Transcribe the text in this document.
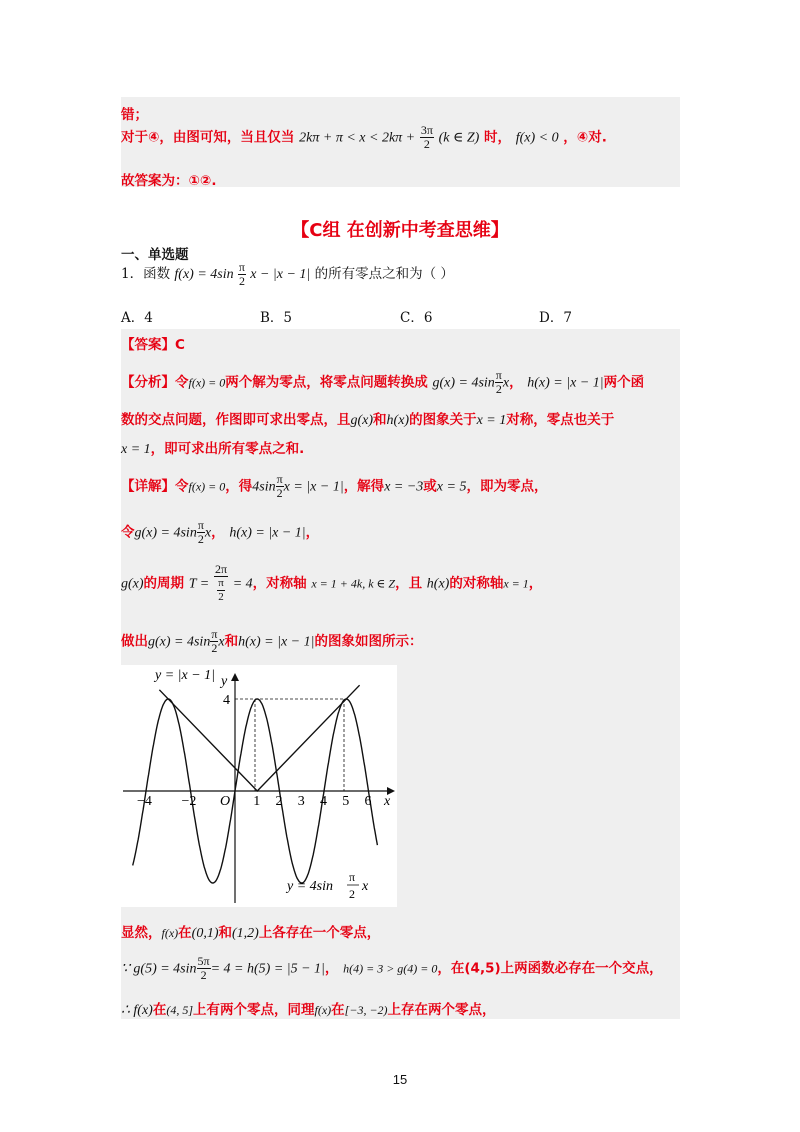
错；
对于④，由图可知，当且仅当 $2k\pi + \pi < x < 2k\pi + \frac{3\pi}{2} (k$ ∈ Z) 时， f(x) < 0 ，④对.
故答案为：①②.
【C组 在创新中考查思维】
一、单选题
1．函数 $f(x) = 4\sin \frac{\pi}{2}$ x − |x − 1| 的所有零点之和为（ ）
A．4	B．5	C．6	D．7
【答案】C
【分析】令f(x) = 0两个解为零点，将零点问题转换成 $g(x) = 4\sin \frac{\pi}{2}$ x， h(x) = |x − 1|两个函
数的交点问题，作图即可求出零点，且g(x)和h(x)的图象关于x = 1对称，零点也关于
x = 1，即可求出所有零点之和.
【详解】令f(x) = 0，得$4\sin \frac{\pi}{2}$ x = |x − 1|，解得x = −3或x = 5，即为零点，
令$g(x) = 4\sin \frac{\pi}{2}$ x， h(x) = |x − 1|，
g(x)的周期 $T = \frac{2\pi}{\frac{\pi}{2}} = 4$，对称轴 x = 1 + 4k, k ∈ Z，且 h(x)的对称轴x = 1，
做出$g(x) = 4\sin \frac{\pi}{2}$ x和h(x) = |x − 1|的图象如图所示：
y = |x − 1| y
x
4
O
−4 −2	1 2 3 4 5 6
y = 4sin
π
2 x
显然，f(x)在(0,1)和(1,2)上各存在一个零点，
∵ $g(5) = 4\sin \frac{5\pi}{2} = 4 = h(5) = |5 - 1|$， h(4) = 3 > g(4) = 0，在(4,5)上两函数必存在一个交点，
∴ f(x)在(4, 5]上有两个零点，同理f(x)在[−3, −2)上存在两个零点，
15
